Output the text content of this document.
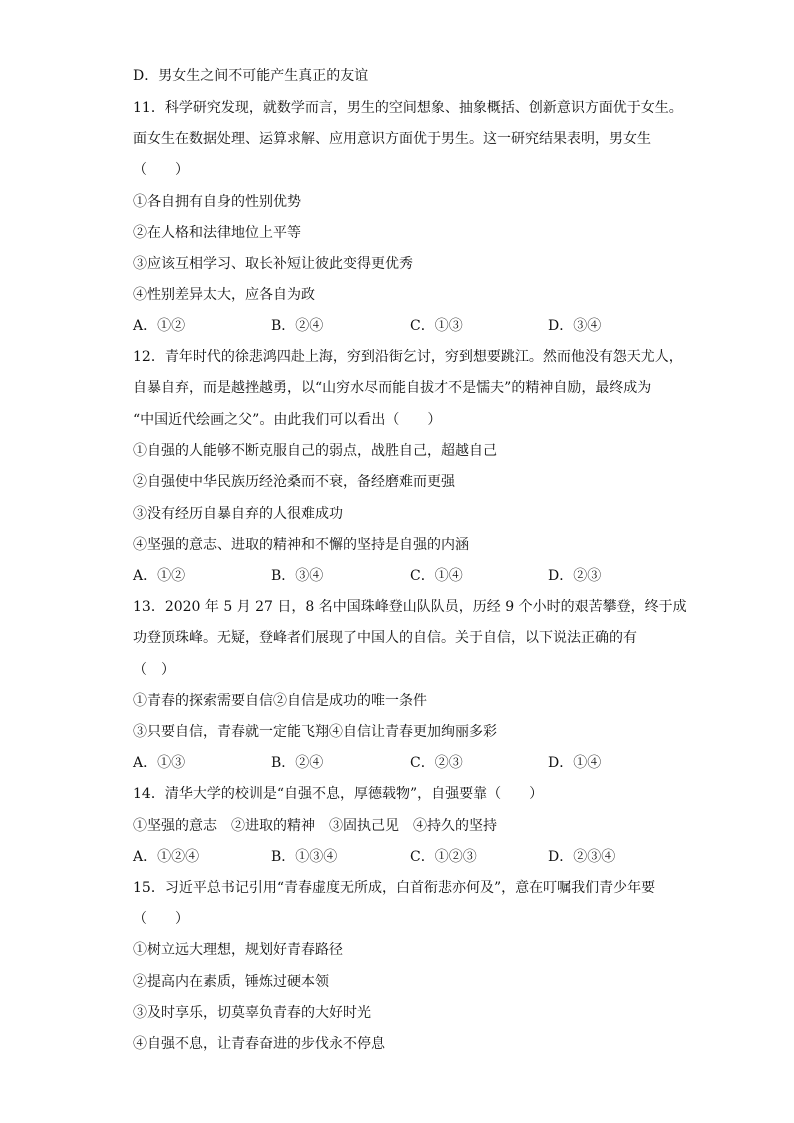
D．男女生之间不可能产生真正的友谊
11．科学研究发现，就数学而言，男生的空间想象、抽象概括、创新意识方面优于女生。
面女生在数据处理、运算求解、应用意识方面优于男生。这一研究结果表明，男女生
（　　）
①各自拥有自身的性别优势
②在人格和法律地位上平等
③应该互相学习、取长补短让彼此变得更优秀
④性别差异太大，应各自为政
A．①②	B．②④	C．①③	D．③④
12．青年时代的徐悲鸿四赴上海，穷到沿街乞讨，穷到想要跳江。然而他没有怨天尤人，
自暴自弃，而是越挫越勇，以“山穷水尽而能自拔才不是懦夫”的精神自励，最终成为
“中国近代绘画之父”。由此我们可以看出（　　）
①自强的人能够不断克服自己的弱点，战胜自己，超越自己
②自强使中华民族历经沧桑而不衰，备经磨难而更强
③没有经历自暴自弃的人很难成功
④坚强的意志、进取的精神和不懈的坚持是自强的内涵
A．①②	B．③④	C．①④	D．②③
13．2020 年 5 月 27 日，8 名中国珠峰登山队队员，历经 9 个小时的艰苦攀登，终于成
功登顶珠峰。无疑，登峰者们展现了中国人的自信。关于自信，以下说法正确的有
（　）
①青春的探索需要自信②自信是成功的唯一条件
③只要自信，青春就一定能飞翔④自信让青春更加绚丽多彩
A．①③	B．②④	C．②③	D．①④
14．清华大学的校训是“自强不息，厚德载物”，自强要靠（　　）
①坚强的意志　②进取的精神　③固执己见　④持久的坚持
A．①②④	B．①③④	C．①②③	D．②③④
15．习近平总书记引用“青春虚度无所成，白首衔悲亦何及”，意在叮嘱我们青少年要
（　　）
①树立远大理想，规划好青春路径
②提高内在素质，锤炼过硬本领
③及时享乐，切莫辜负青春的大好时光
④自强不息，让青春奋进的步伐永不停息
